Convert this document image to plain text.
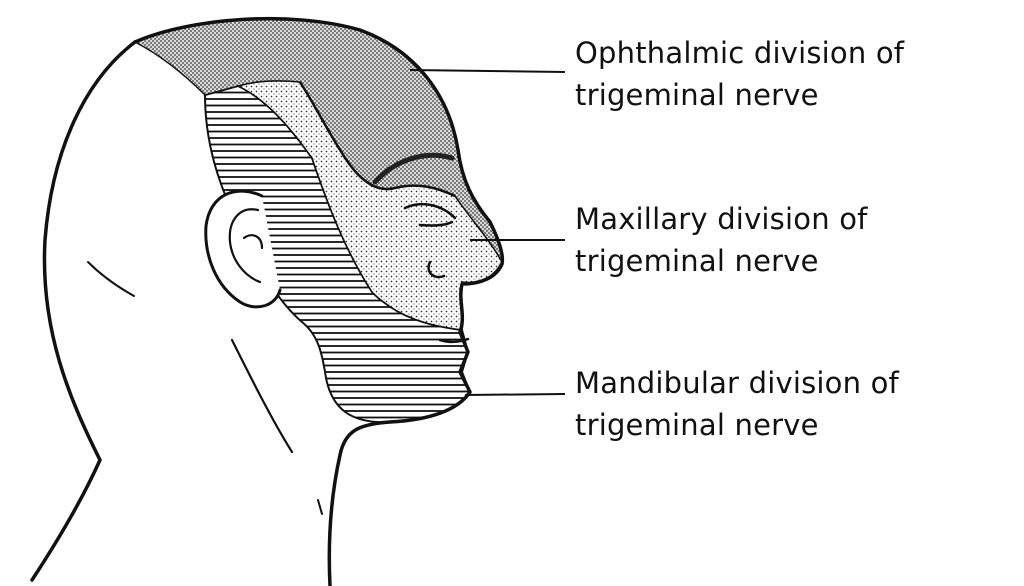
Ophthalmic division of
trigeminal nerve
Maxillary division of
trigeminal nerve
Mandibular division of
trigeminal nerve
